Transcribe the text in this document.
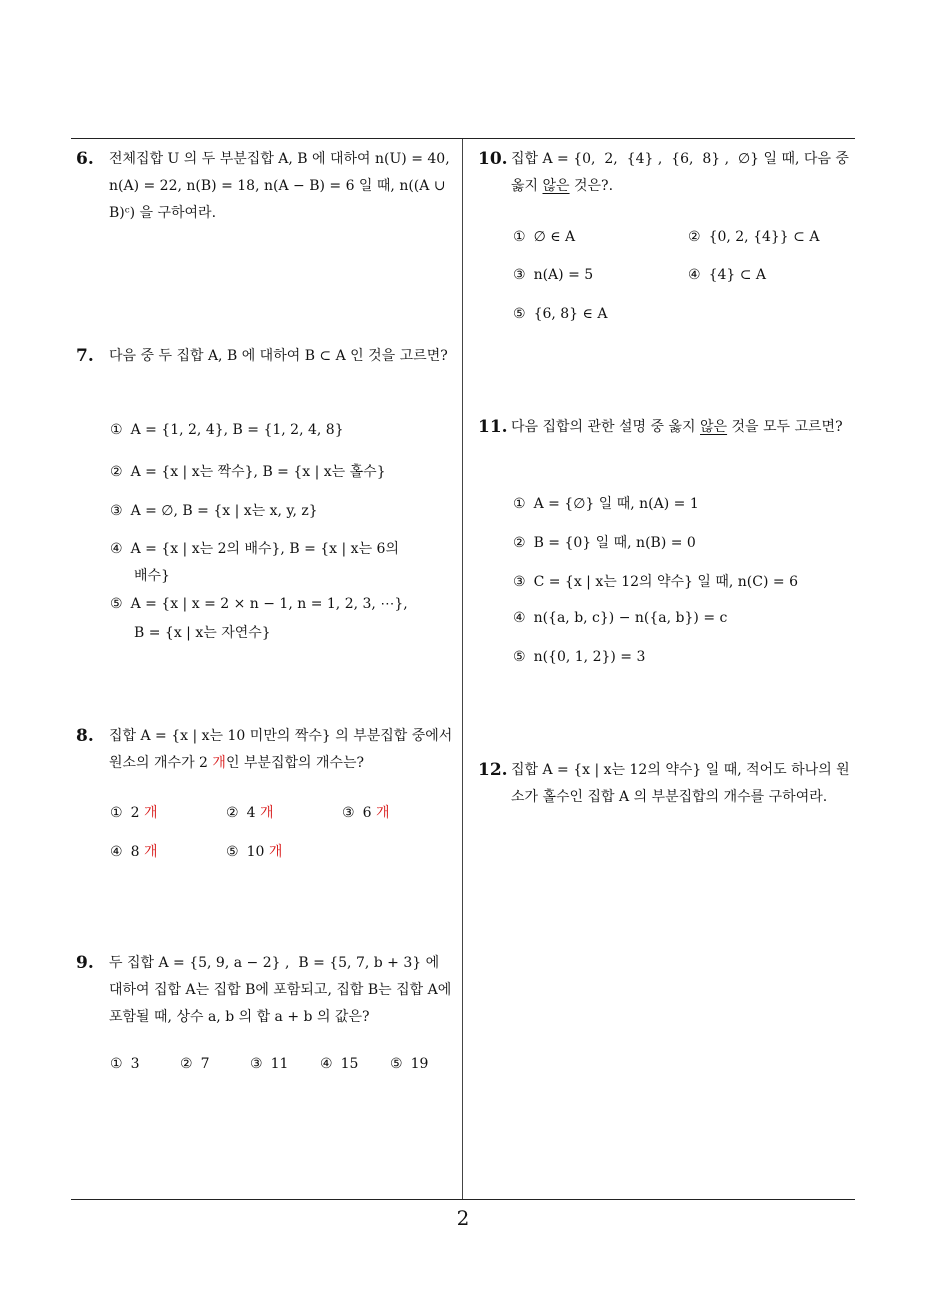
6. 전체집합 U 의 두 부분집합 A, B 에 대하여 n(U) = 40, n(A) = 22, n(B) = 18, n(A − B) = 6 일 때, n((A ∪ B)ᶜ) 을 구하여라.
7. 다음 중 두 집합 A, B 에 대하여 B ⊂ A 인 것을 고르면?
① A = {1, 2, 4}, B = {1, 2, 4, 8}
② A = {x | x는 짝수}, B = {x | x는 홀수}
③ A = ∅, B = {x | x는 x, y, z}
④ A = {x | x는 2의 배수}, B = {x | x는 6의
배수}
⑤ A = {x | x = 2 × n − 1, n = 1, 2, 3, ⋯},
B = {x | x는 자연수}
8. 집합 A = {x | x는 10 미만의 짝수} 의 부분집합 중에서 원소의 개수가 2 개인 부분집합의 개수는?
① 2 개	② 4 개	③ 6 개
④ 8 개	⑤ 10 개
9. 두 집합 A = {5, 9, a − 2} ,  B = {5, 7, b + 3} 에 대하여 집합 A는 집합 B에 포함되고, 집합 B는 집합 A에 포함될 때, 상수 a, b 의 합 a + b 의 값은?
① 3	② 7	③ 11 ④ 15 ⑤ 19
10. 집합 A = {0,  2,  {4} ,  {6,  8} ,  ∅} 일 때, 다음 중 옳지 않은 것은?.
① ∅ ∈ A	② {0, 2, {4}} ⊂ A
③ n(A) = 5	④ {4} ⊂ A
⑤ {6, 8} ∈ A
11. 다음 집합의 관한 설명 중 옳지 않은 것을 모두 고르면?
① A = {∅} 일 때, n(A) = 1
② B = {0} 일 때, n(B) = 0
③ C = {x | x는 12의 약수} 일 때, n(C) = 6
④ n({a, b, c}) − n({a, b}) = c
⑤ n({0, 1, 2}) = 3
12. 집합 A = {x | x는 12의 약수} 일 때, 적어도 하나의 원소가 홀수인 집합 A 의 부분집합의 개수를 구하여라.
2
